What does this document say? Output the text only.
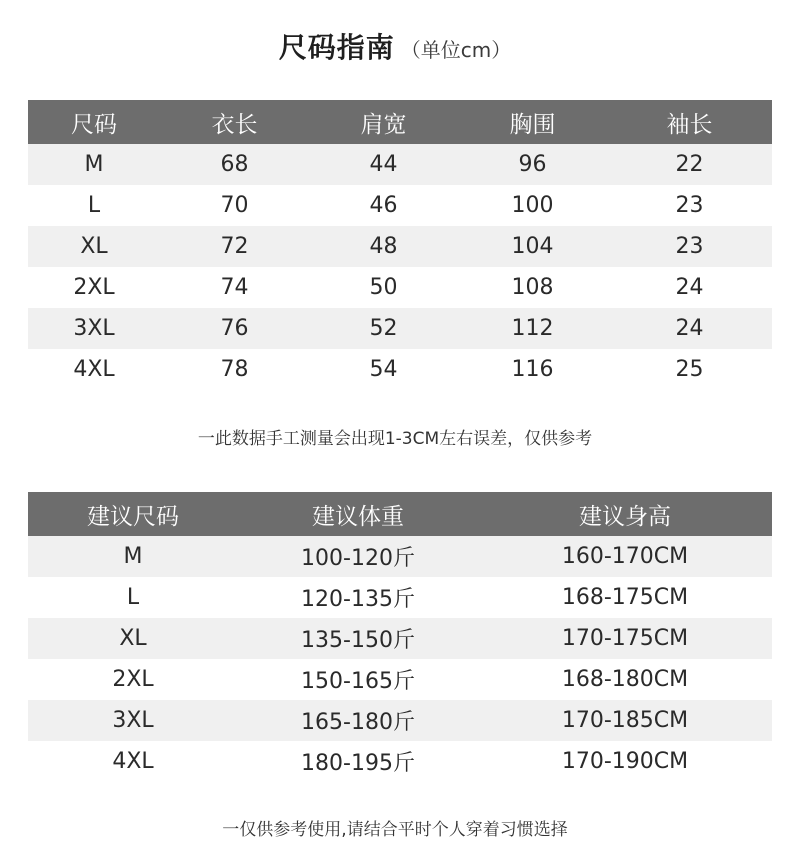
尺码指南 （单位cm）
尺码	衣长	肩宽	胸围	袖长
M	68	44	96	22
L	70	46	100	23
XL	72	48	104	23
2XL	74	50	108	24
3XL	76	52	112	24
4XL	78	54	116	25
一此数据手工测量会出现1-3CM左右误差，仅供参考
建议尺码	建议体重	建议身高
M	100-120斤	160-170CM
L	120-135斤	168-175CM
XL	135-150斤	170-175CM
2XL	150-165斤	168-180CM
3XL	165-180斤	170-185CM
4XL	180-195斤	170-190CM
一仅供参考使用,请结合平时个人穿着习惯选择
